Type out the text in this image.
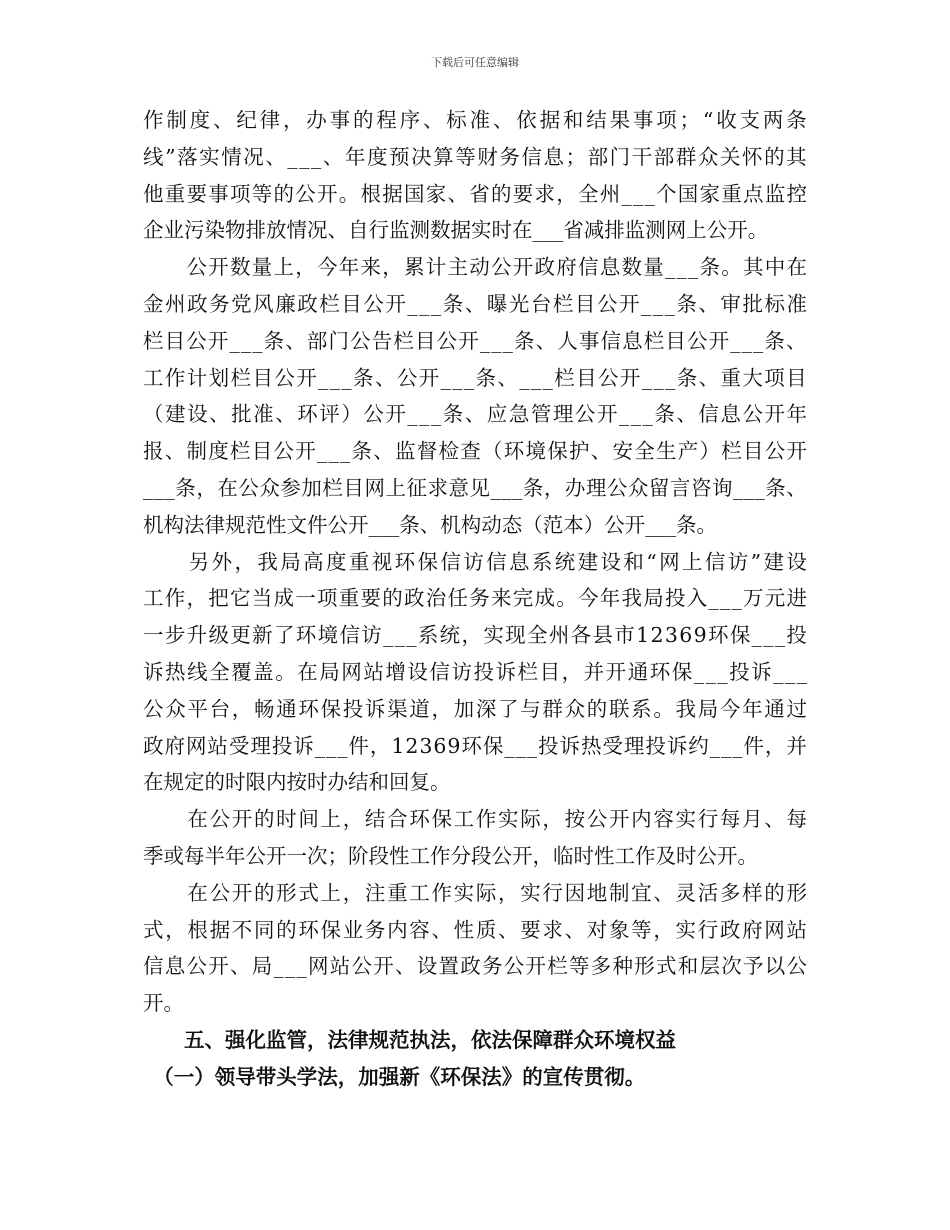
下载后可任意编辑
作 制 度 、 纪 律 ， 办 事 的 程 序 、 标 准 、 依 据 和 结 果 事 项 ； “ 收 支 两 条
线 ” 落 实 情 况 、 _ _ _ 、 年 度 预 决 算 等 财 务 信 息 ； 部 门 干 部 群 众 关 怀 的 其
他 重 要 事 项 等 的 公 开 。 根 据 国 家 、 省 的 要 求 ， 全 州 _ _ _ 个 国 家 重 点 监 控
企业污染物排放情况、自行监测数据实时在___省减排监测网上公开。

公 开 数 量 上 ， 今 年 来 ， 累 计 主 动 公 开 政 府 信 息 数 量 _ _ _ 条 。 其 中 在
金 州 政 务 党 风 廉 政 栏 目 公 开 _ _ _ 条 、 曝 光 台 栏 目 公 开 _ _ _ 条 、 审 批 标 准
栏 目 公 开 _ _ _ 条 、 部 门 公 告 栏 目 公 开 _ _ _ 条 、 人 事 信 息 栏 目 公 开 _ _ _ 条 、
工 作 计 划 栏 目 公 开 _ _ _ 条 、 公 开 _ _ _ 条 、 _ _ _ 栏 目 公 开 _ _ _ 条 、 重 大 项 目
（ 建 设 、 批 准 、 环 评 ） 公 开 _ _ _ 条 、 应 急 管 理 公 开 _ _ _ 条 、 信 息 公 开 年
报 、 制 度 栏 目 公 开 _ _ _ 条 、 监 督 检 查 （ 环 境 保 护 、 安 全 生 产 ） 栏 目 公 开
_ _ _ 条 ， 在 公 众 参 加 栏 目 网 上 征 求 意 见 _ _ _ 条 ， 办 理 公 众 留 言 咨 询 _ _ _ 条 、
机构法律规范性文件公开___条、机构动态（范本）公开___条。

另 外 ， 我 局 高 度 重 视 环 保 信 访 信 息 系 统 建 设 和 “ 网 上 信 访 ” 建 设
工 作 ， 把 它 当 成 一 项 重 要 的 政 治 任 务 来 完 成 。 今 年 我 局 投 入 _ _ _ 万 元 进
一 步 升 级 更 新 了 环 境 信 访 _ _ _ 系 统 ， 实 现 全 州 各 县 市 1 2 3 6 9 环 保 _ _ _ 投
诉 热 线 全 覆 盖 。 在 局 网 站 增 设 信 访 投 诉 栏 目 ， 并 开 通 环 保 _ _ _ 投 诉 _ _ _
公 众 平 台 ， 畅 通 环 保 投 诉 渠 道 ， 加 深 了 与 群 众 的 联 系 。 我 局 今 年 通 过
政 府 网 站 受 理 投 诉 _ _ _ 件 ， 1 2 3 6 9 环 保 _ _ _ 投 诉 热 受 理 投 诉 约 _ _ _ 件 ， 并
在规定的时限内按时办结和回复。

在 公 开 的 时 间 上 ， 结 合 环 保 工 作 实 际 ， 按 公 开 内 容 实 行 每 月 、 每
季或每半年公开一次；阶段性工作分段公开，临时性工作及时公开。

在 公 开 的 形 式 上 ， 注 重 工 作 实 际 ， 实 行 因 地 制 宜 、 灵 活 多 样 的 形
式 ， 根 据 不 同 的 环 保 业 务 内 容 、 性 质 、 要 求 、 对 象 等 ， 实 行 政 府 网 站
信 息 公 开 、 局 _ _ _ 网 站 公 开 、 设 置 政 务 公 开 栏 等 多 种 形 式 和 层 次 予 以 公
开。
　　五、强化监管，法律规范执法，依法保障群众环境权益
　（一）领导带头学法，加强新《环保法》的宣传贯彻。
